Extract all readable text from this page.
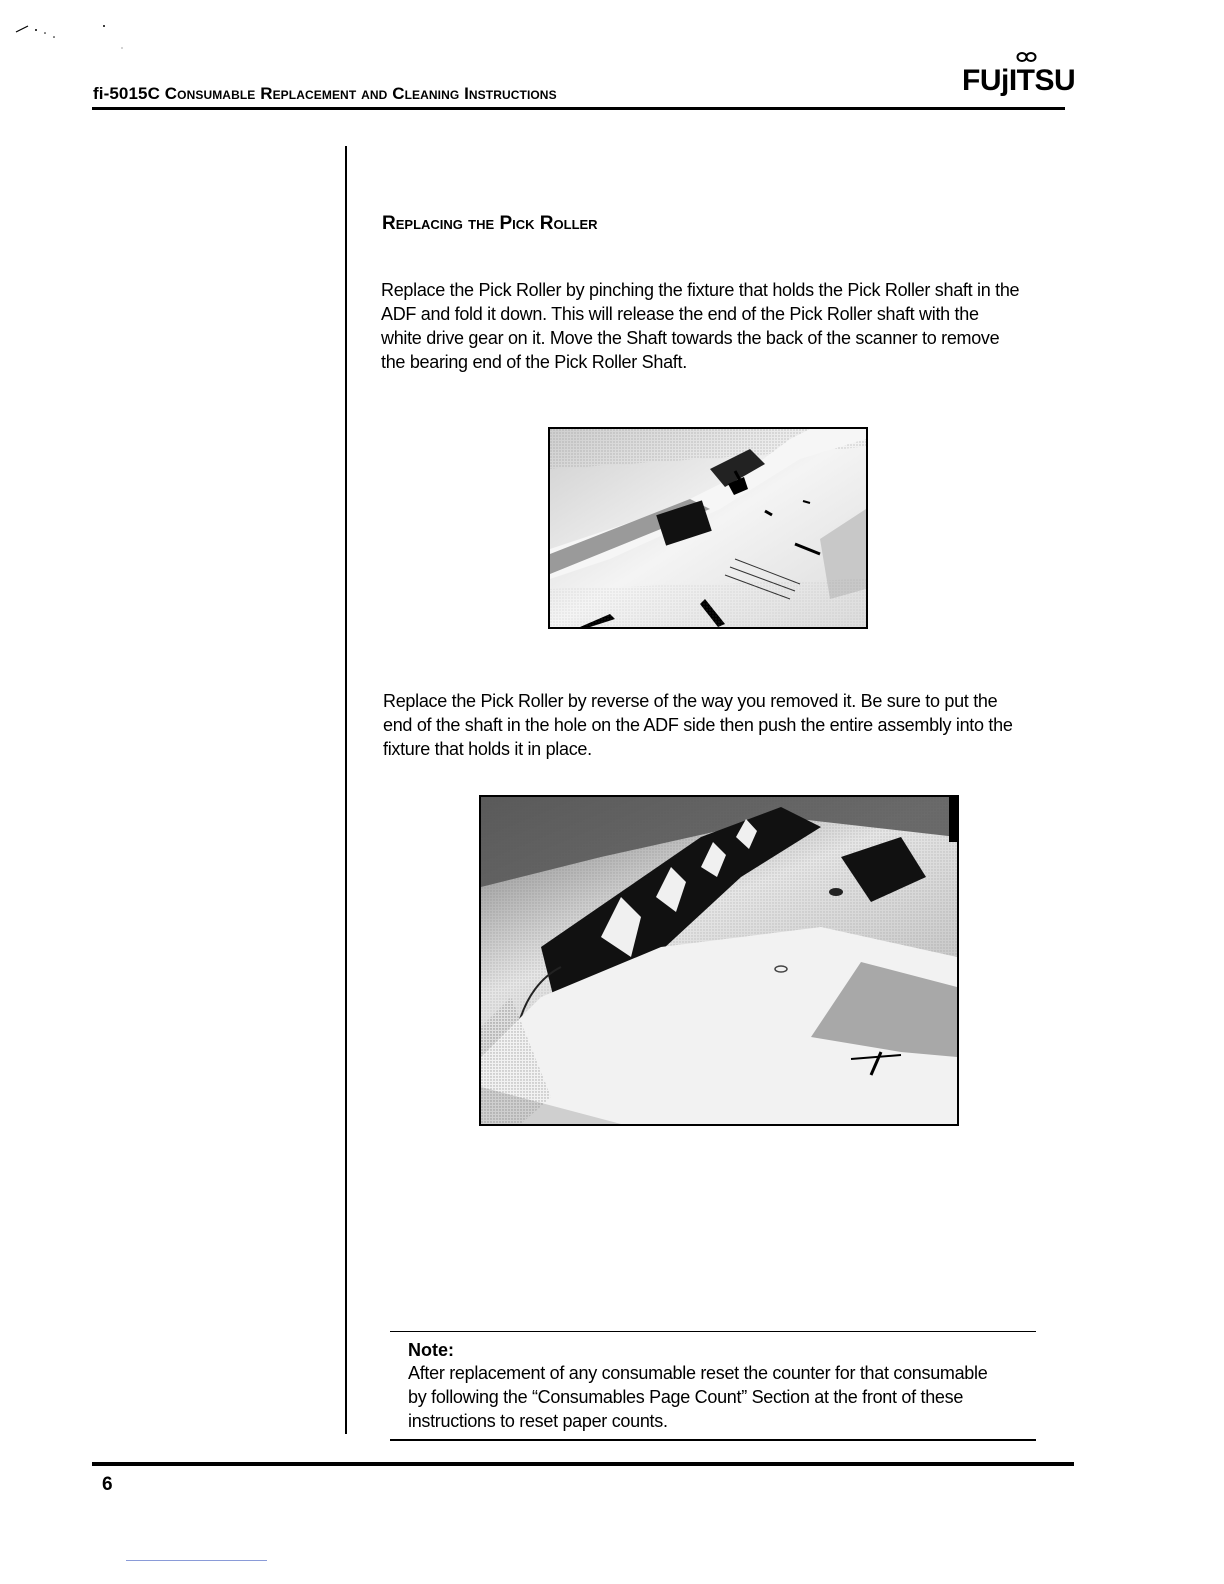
fi-5015C Consumable Replacement and Cleaning Instructions	FUjITSU
Replacing the Pick Roller

Replace the Pick Roller by pinching the fixture that holds the Pick Roller shaft in the ADF and fold it down. This will release the end of the Pick Roller shaft with the white drive gear on it. Move the Shaft towards the back of the scanner to remove the bearing end of the Pick Roller Shaft.

Replace the Pick Roller by reverse of the way you removed it. Be sure to put the end of the shaft in the hole on the ADF side then push the entire assembly into the fixture that holds it in place.

Note:

After replacement of any consumable reset the counter for that consumable by following the “Consumables Page Count” Section at the front of these instructions to reset paper counts.

6
